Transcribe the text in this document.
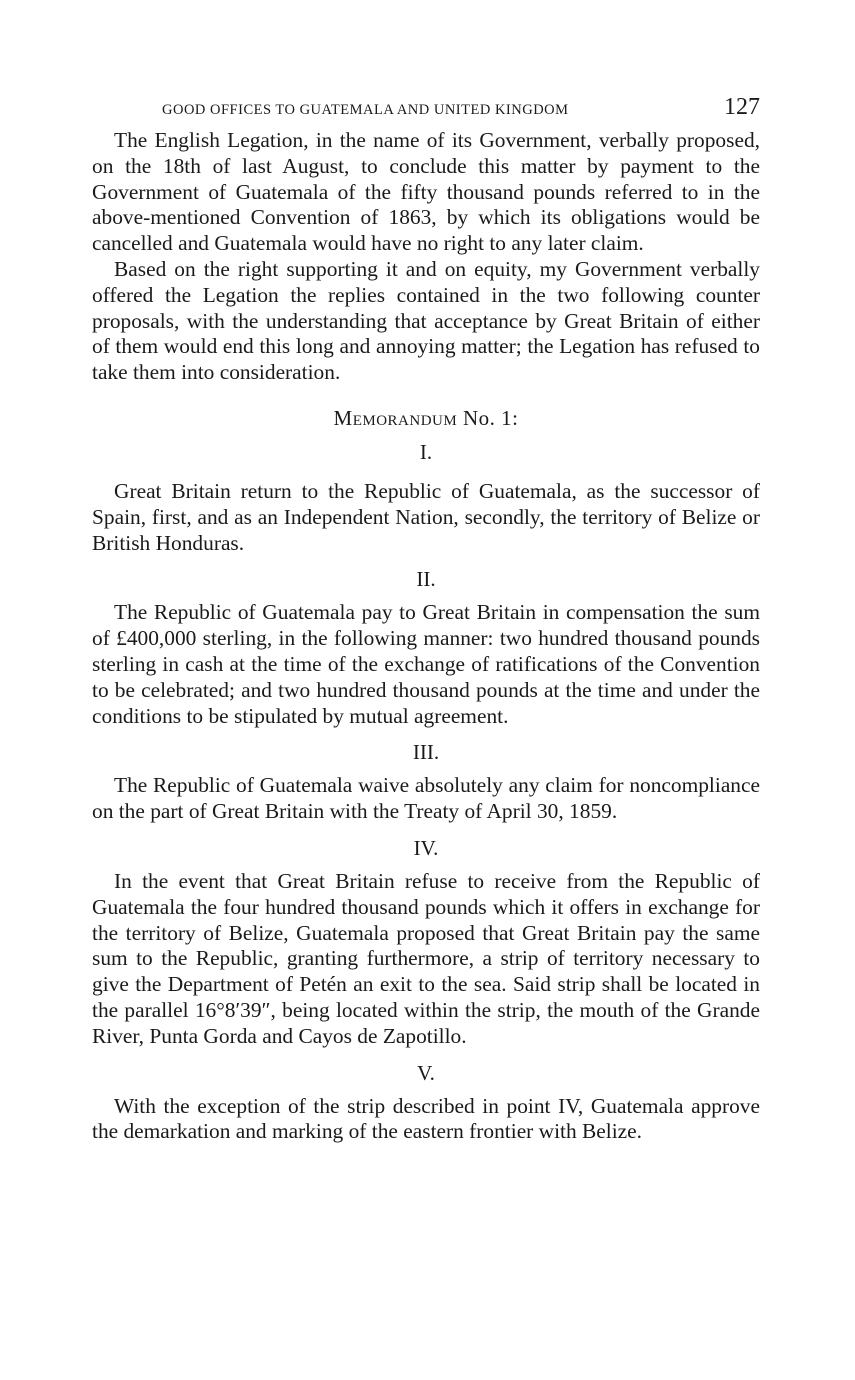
GOOD OFFICES TO GUATEMALA AND UNITED KINGDOM	127

The English Legation, in the name of its Government, verbally proposed, on the 18th of last August, to conclude this matter by payment to the Government of Guatemala of the fifty thousand pounds referred to in the above-mentioned Convention of 1863, by which its obligations would be cancelled and Guatemala would have no right to any later claim.

Based on the right supporting it and on equity, my Government verbally offered the Legation the replies contained in the two following counter proposals, with the understanding that acceptance by Great Britain of either of them would end this long and annoying matter; the Legation has refused to take them into consideration.

Memorandum No. 1:
I.

Great Britain return to the Republic of Guatemala, as the successor of Spain, first, and as an Independent Nation, secondly, the territory of Belize or British Honduras.

II.

The Republic of Guatemala pay to Great Britain in compensation the sum of £400,000 sterling, in the following manner: two hundred thousand pounds sterling in cash at the time of the exchange of ratifications of the Convention to be celebrated; and two hundred thousand pounds at the time and under the conditions to be stipulated by mutual agreement.

III.

The Republic of Guatemala waive absolutely any claim for noncompliance on the part of Great Britain with the Treaty of April 30, 1859.

IV.

In the event that Great Britain refuse to receive from the Republic of Guatemala the four hundred thousand pounds which it offers in exchange for the territory of Belize, Guatemala proposed that Great Britain pay the same sum to the Republic, granting furthermore, a strip of territory necessary to give the Department of Petén an exit to the sea. Said strip shall be located in the parallel 16°8′39″, being located within the strip, the mouth of the Grande River, Punta Gorda and Cayos de Zapotillo.

V.

With the exception of the strip described in point IV, Guatemala approve the demarkation and marking of the eastern frontier with Belize.
